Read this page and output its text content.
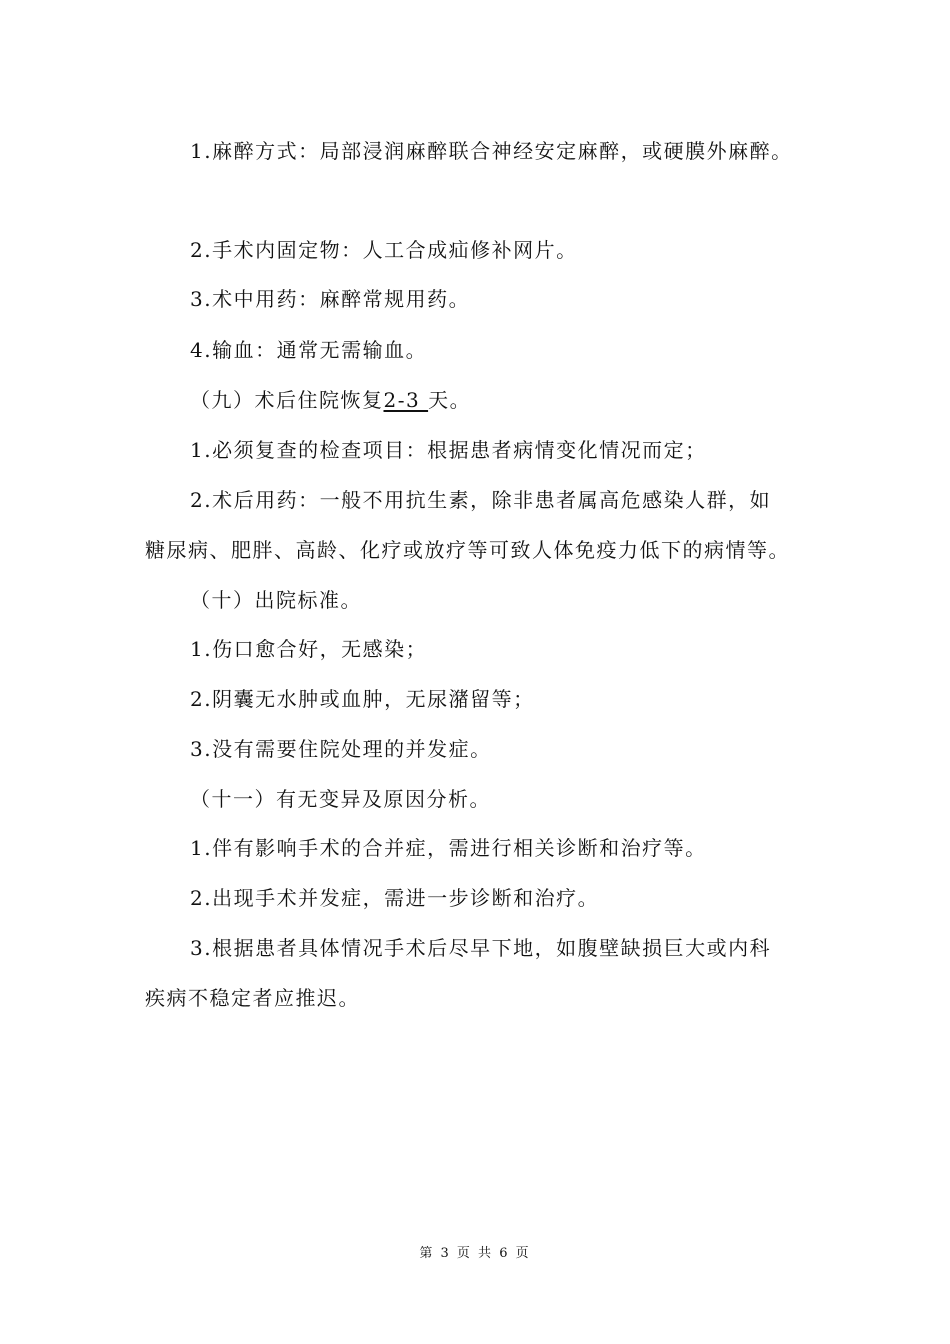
1.麻醉方式：局部浸润麻醉联合神经安定麻醉，或硬膜外麻醉。
2.手术内固定物：人工合成疝修补网片。
3.术中用药：麻醉常规用药。
4.输血：通常无需输血。
（九）术后住院恢复2-3 天。
1.必须复查的检查项目：根据患者病情变化情况而定；
2.术后用药：一般不用抗生素，除非患者属高危感染人群，如
糖尿病、肥胖、高龄、化疗或放疗等可致人体免疫力低下的病情等。
（十）出院标准。
1.伤口愈合好，无感染；
2.阴囊无水肿或血肿，无尿潴留等；
3.没有需要住院处理的并发症。
（十一）有无变异及原因分析。
1.伴有影响手术的合并症，需进行相关诊断和治疗等。
2.出现手术并发症，需进一步诊断和治疗。
3.根据患者具体情况手术后尽早下地，如腹壁缺损巨大或内科
疾病不稳定者应推迟。
第 3 页 共 6 页
